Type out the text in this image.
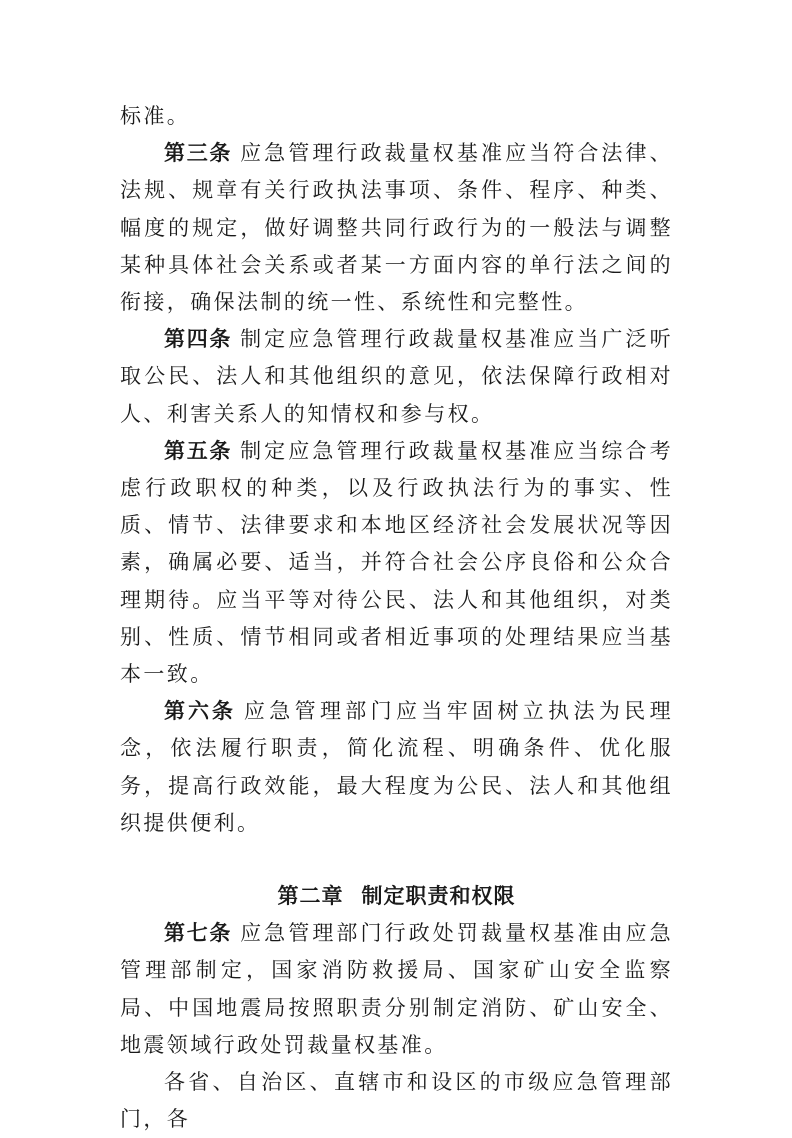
标准。

第三条 应急管理行政裁量权基准应当符合法律、法规、规章有关行政执法事项、条件、程序、种类、幅度的规定，做好调整共同行政行为的一般法与调整某种具体社会关系或者某一方面内容的单行法之间的衔接，确保法制的统一性、系统性和完整性。

第四条 制定应急管理行政裁量权基准应当广泛听取公民、法人和其他组织的意见，依法保障行政相对人、利害关系人的知情权和参与权。

第五条 制定应急管理行政裁量权基准应当综合考虑行政职权的种类，以及行政执法行为的事实、性质、情节、法律要求和本地区经济社会发展状况等因素，确属必要、适当，并符合社会公序良俗和公众合理期待。应当平等对待公民、法人和其他组织，对类别、性质、情节相同或者相近事项的处理结果应当基本一致。

第六条 应急管理部门应当牢固树立执法为民理念，依法履行职责，简化流程、明确条件、优化服务，提高行政效能，最大程度为公民、法人和其他组织提供便利。

第二章 制定职责和权限

第七条 应急管理部门行政处罚裁量权基准由应急管理部制定，国家消防救援局、国家矿山安全监察局、中国地震局按照职责分别制定消防、矿山安全、地震领域行政处罚裁量权基准。

各省、自治区、直辖市和设区的市级应急管理部门，各
